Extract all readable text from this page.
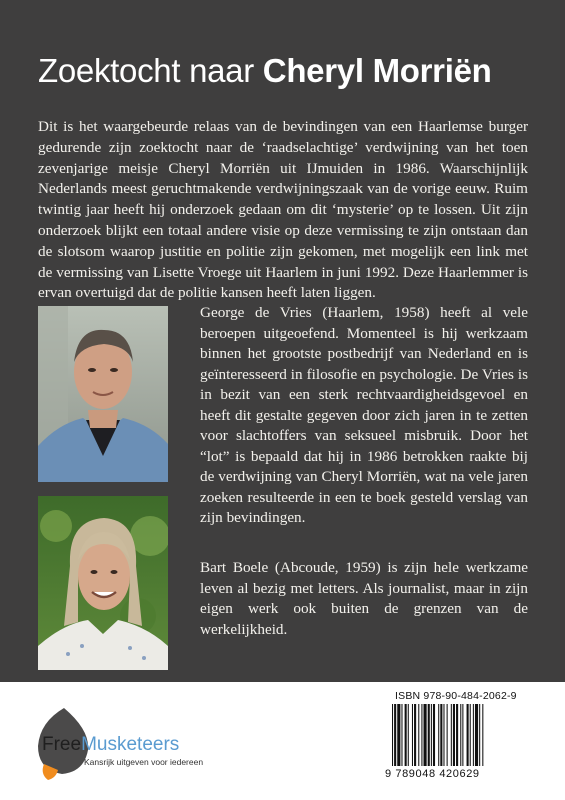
Zoektocht naar Cheryl Morriën

Dit is het waargebeurde relaas van de bevindingen van een Haarlemse burger gedurende zijn zoektocht naar de ‘raadselachtige’ verdwijning van het toen zevenjarige meisje Cheryl Morriën uit IJmuiden in 1986. Waarschijnlijk Nederlands meest geruchtmakende verdwijningszaak van de vorige eeuw. Ruim twintig jaar heeft hij onderzoek gedaan om dit ‘mysterie’ op te lossen. Uit zijn onderzoek blijkt een totaal andere visie op deze vermissing te zijn ontstaan dan de slotsom waarop justitie en politie zijn gekomen, met mogelijk een link met de vermissing van Lisette Vroege uit Haarlem in juni 1992. Deze Haarlemmer is ervan overtuigd dat de politie kansen heeft laten liggen.

George de Vries (Haarlem, 1958) heeft al vele beroepen uitgeoefend. Momenteel is hij werkzaam binnen het grootste postbedrijf van Nederland en is geïnteresseerd in filosofie en psychologie. De Vries is in bezit van een sterk rechtvaardigheidsgevoel en heeft dit gestalte gegeven door zich jaren in te zetten voor slachtoffers van seksueel misbruik. Door het “lot” is bepaald dat hij in 1986 betrokken raakte bij de verdwijning van Cheryl Morriën, wat na vele jaren zoeken resulteerde in een te boek gesteld verslag van zijn bevindingen.

Bart Boele (Abcoude, 1959) is zijn hele werkzame leven al bezig met letters. Als journalist, maar in zijn eigen werk ook buiten de grenzen van de werkelijkheid.

FreeMusketeers
Kansrijk uitgeven voor iedereen
ISBN 978-90-484-2062-9
9 789048 420629
